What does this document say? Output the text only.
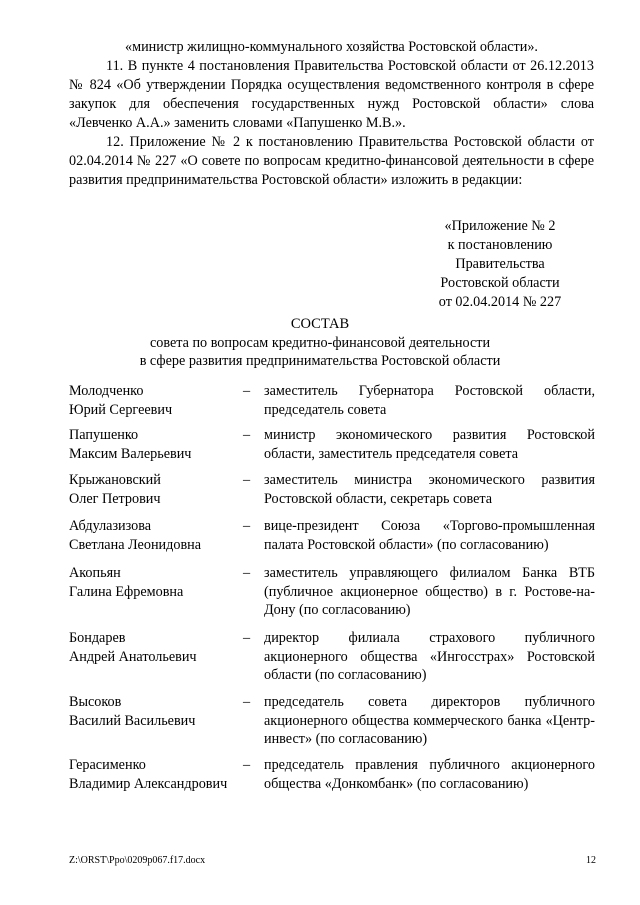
«министр жилищно-коммунального хозяйства Ростовской области».
11. В пункте 4 постановления Правительства Ростовской области от 26.12.2013 № 824 «Об утверждении Порядка осуществления ведомственного контроля в сфере закупок для обеспечения государственных нужд Ростовской области» слова «Левченко А.А.» заменить словами «Папушенко М.В.».
12. Приложение № 2 к постановлению Правительства Ростовской области от 02.04.2014 № 227 «О совете по вопросам кредитно-финансовой деятельности в сфере развития предпринимательства Ростовской области» изложить в редакции:
«Приложение № 2
к постановлению
Правительства
Ростовской области
от 02.04.2014 № 227
СОСТАВ
совета по вопросам кредитно-финансовой деятельности
в сфере развития предпринимательства Ростовской области
Молодченко
Юрий Сергеевич
– заместитель Губернатора Ростовской области, председатель совета
Папушенко
Максим Валерьевич
– министр экономического развития Ростовской области, заместитель председателя совета
Крыжановский
Олег Петрович
– заместитель министра экономического развития Ростовской области, секретарь совета
Абдулазизова
Светлана Леонидовна
– вице-президент Союза «Торгово-промышленная палата Ростовской области» (по согласованию)
Акопьян
Галина Ефремовна
– заместитель управляющего филиалом Банка ВТБ (публичное акционерное общество) в г. Ростове-на-Дону (по согласованию)
Бондарев
Андрей Анатольевич
– директор филиала страхового публичного акционерного общества «Ингосстрах» Ростовской области (по согласованию)
Высоков
Василий Васильевич
– председатель совета директоров публичного акционерного общества коммерческого банка «Центр-инвест» (по согласованию)
Герасименко
Владимир Александрович
– председатель правления публичного акционерного общества «Донкомбанк» (по согласованию)
Z:\ORST\Ppo\0209p067.f17.docx	12
